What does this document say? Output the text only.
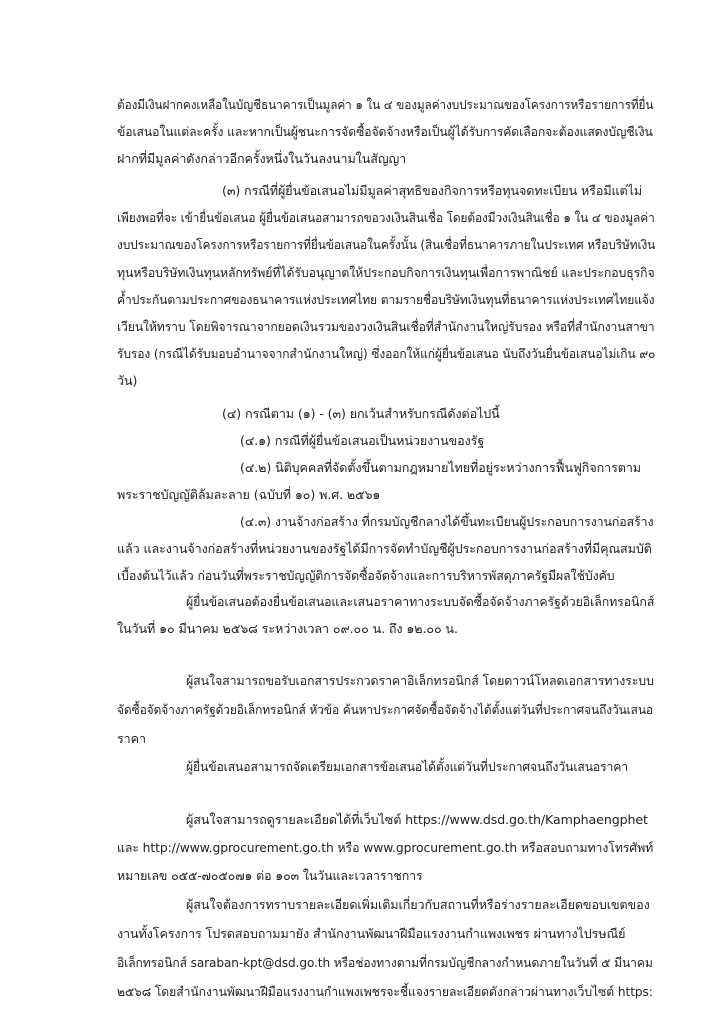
ต้องมีเงินฝากคงเหลือในบัญชีธนาคารเป็นมูลค่า ๑ ใน ๔ ของมูลค่างบประมาณของโครงการหรือรายการที่ยื่น
ข้อเสนอในแต่ละครั้ง และหากเป็นผู้ชนะการจัดซื้อจัดจ้างหรือเป็นผู้ได้รับการคัดเลือกจะต้องแสดงบัญชีเงิน
ฝากที่มีมูลค่าดังกล่าวอีกครั้งหนึ่งในวันลงนามในสัญญา
(๓) กรณีที่ผู้ยื่นข้อเสนอไม่มีมูลค่าสุทธิของกิจการหรือทุนจดทะเบียน หรือมีแต่ไม่
เพียงพอที่จะ เข้ายื่นข้อเสนอ ผู้ยื่นข้อเสนอสามารถขอวงเงินสินเชื่อ โดยต้องมีวงเงินสินเชื่อ ๑ ใน ๔ ของมูลค่า
งบประมาณของโครงการหรือรายการที่ยื่นข้อเสนอในครั้งนั้น (สินเชื่อที่ธนาคารภายในประเทศ หรือบริษัทเงิน
ทุนหรือบริษัทเงินทุนหลักทรัพย์ที่ได้รับอนุญาตให้ประกอบกิจการเงินทุนเพื่อการพาณิชย์ และประกอบธุรกิจ
ค้ำประกันตามประกาศของธนาคารแห่งประเทศไทย ตามรายชื่อบริษัทเงินทุนที่ธนาคารแห่งประเทศไทยแจ้ง
เวียนให้ทราบ โดยพิจารณาจากยอดเงินรวมของวงเงินสินเชื่อที่สำนักงานใหญ่รับรอง หรือที่สำนักงานสาขา
รับรอง (กรณีได้รับมอบอำนาจจากสำนักงานใหญ่) ซึ่งออกให้แก่ผู้ยื่นข้อเสนอ นับถึงวันยื่นข้อเสนอไม่เกิน ๙๐
วัน)
(๔) กรณีตาม (๑) - (๓) ยกเว้นสำหรับกรณีดังต่อไปนี้
(๔.๑) กรณีที่ผู้ยื่นข้อเสนอเป็นหน่วยงานของรัฐ
(๔.๒) นิติบุคคลที่จัดตั้งขึ้นตามกฎหมายไทยที่อยู่ระหว่างการฟื้นฟูกิจการตาม
พระราชบัญญัติล้มละลาย (ฉบับที่ ๑๐) พ.ศ. ๒๕๖๑
(๔.๓) งานจ้างก่อสร้าง ที่กรมบัญชีกลางได้ขึ้นทะเบียนผู้ประกอบการงานก่อสร้าง
แล้ว และงานจ้างก่อสร้างที่หน่วยงานของรัฐได้มีการจัดทำบัญชีผู้ประกอบการงานก่อสร้างที่มีคุณสมบัติ
เบื้องต้นไว้แล้ว ก่อนวันที่พระราชบัญญัติการจัดซื้อจัดจ้างและการบริหารพัสดุภาครัฐมีผลใช้บังคับ
ผู้ยื่นข้อเสนอต้องยื่นข้อเสนอและเสนอราคาทางระบบจัดซื้อจัดจ้างภาครัฐด้วยอิเล็กทรอนิกส์
ในวันที่ ๑๐ มีนาคม ๒๕๖๘ ระหว่างเวลา ๐๙.๐๐ น. ถึง ๑๒.๐๐ น.
ผู้สนใจสามารถขอรับเอกสารประกวดราคาอิเล็กทรอนิกส์ โดยดาวน์โหลดเอกสารทางระบบ
จัดซื้อจัดจ้างภาครัฐด้วยอิเล็กทรอนิกส์ หัวข้อ ค้นหาประกาศจัดซื้อจัดจ้างได้ตั้งแต่วันที่ประกาศจนถึงวันเสนอ
ราคา
ผู้ยื่นข้อเสนอสามารถจัดเตรียมเอกสารข้อเสนอได้ตั้งแต่วันที่ประกาศจนถึงวันเสนอราคา
ผู้สนใจสามารถดูรายละเอียดได้ที่เว็บไซต์ https://www.dsd.go.th/Kamphaengphet
และ http://www.gprocurement.go.th หรือ www.gprocurement.go.th หรือสอบถามทางโทรศัพท์
หมายเลข ๐๕๕-๗๐๕๐๗๑ ต่อ ๑๐๓ ในวันและเวลาราชการ
ผู้สนใจต้องการทราบรายละเอียดเพิ่มเติมเกี่ยวกับสถานที่หรือร่างรายละเอียดขอบเขตของ
งานทั้งโครงการ โปรดสอบถามมายัง สำนักงานพัฒนาฝีมือแรงงานกำแพงเพชร ผ่านทางไปรษณีย์
อิเล็กทรอนิกส์ saraban-kpt@dsd.go.th หรือช่องทางตามที่กรมบัญชีกลางกำหนดภายในวันที่ ๕ มีนาคม
๒๕๖๘ โดยสำนักงานพัฒนาฝีมือแรงงานกำแพงเพชรจะชี้แจงรายละเอียดดังกล่าวผ่านทางเว็บไซต์ https:
